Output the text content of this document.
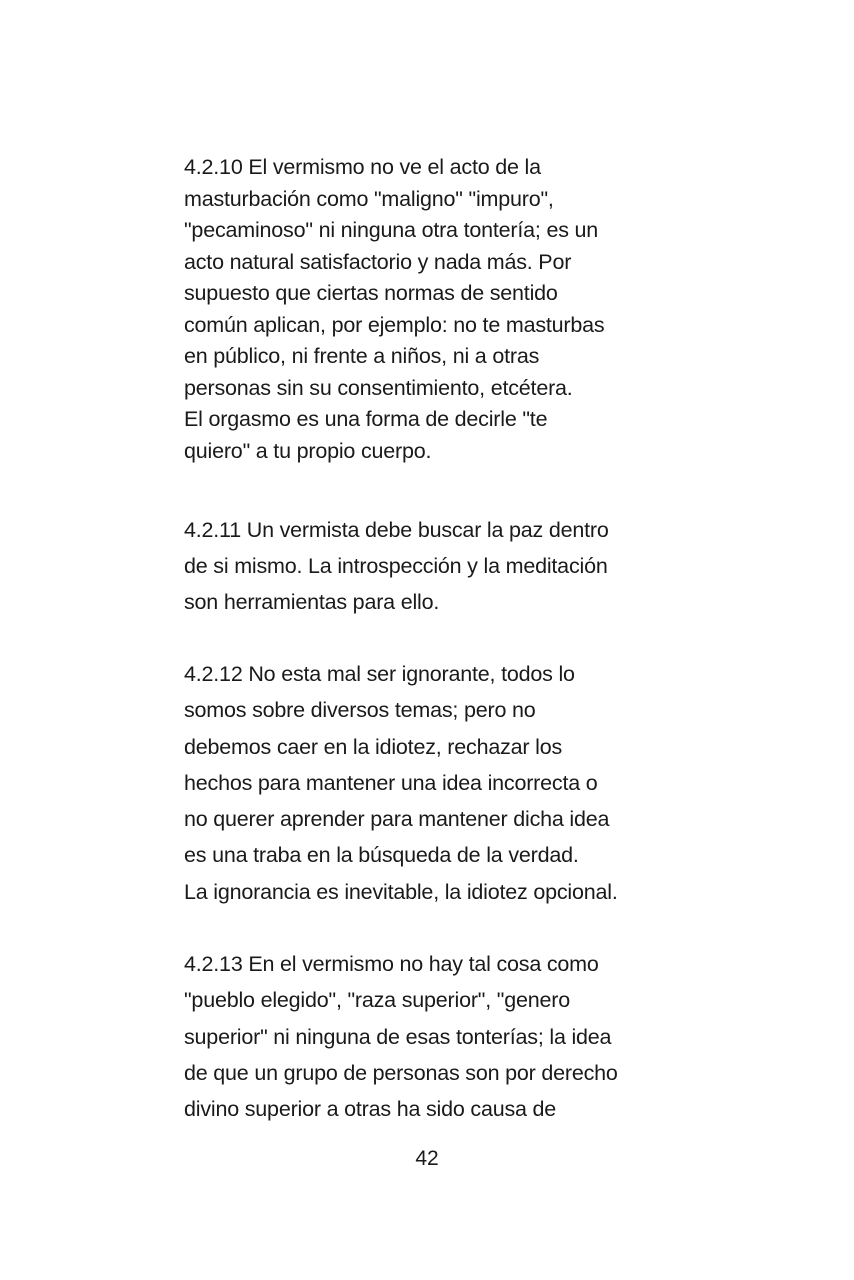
4.2.10 El vermismo no ve el acto de la
masturbación como "maligno" "impuro",
"pecaminoso" ni ninguna otra tontería; es un
acto natural satisfactorio y nada más. Por
supuesto que ciertas normas de sentido
común aplican, por ejemplo: no te masturbas
en público, ni frente a niños, ni a otras
personas sin su consentimiento, etcétera.
El orgasmo es una forma de decirle "te
quiero" a tu propio cuerpo.
4.2.11 Un vermista debe buscar la paz dentro
de si mismo. La introspección y la meditación
son herramientas para ello.
4.2.12 No esta mal ser ignorante, todos lo
somos sobre diversos temas; pero no
debemos caer en la idiotez, rechazar los
hechos para mantener una idea incorrecta o
no querer aprender para mantener dicha idea
es una traba en la búsqueda de la verdad.
La ignorancia es inevitable, la idiotez opcional.
4.2.13 En el vermismo no hay tal cosa como
"pueblo elegido", "raza superior", "genero
superior" ni ninguna de esas tonterías; la idea
de que un grupo de personas son por derecho
divino superior a otras ha sido causa de
42
